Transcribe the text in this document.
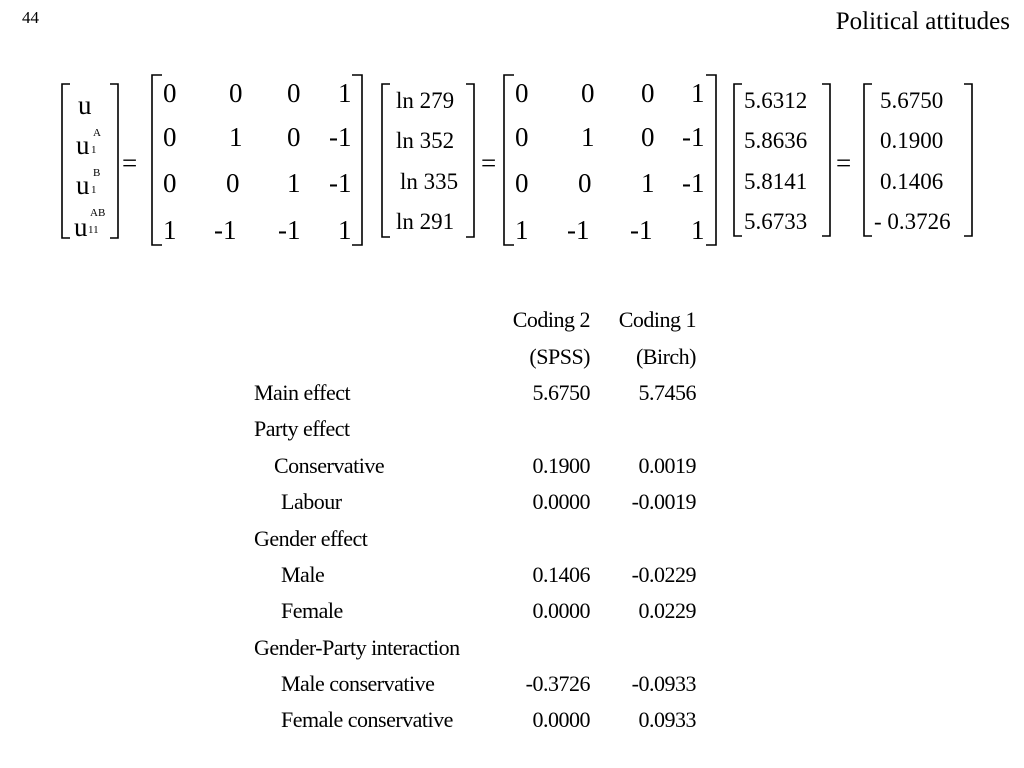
44	Political attitudes
u
u A
1
u B
1
u AB
11
=
0 0 0 1
0 1 0 -1
0 0 1 -1
1 -1 -1 1
ln 279
ln 352
ln 335
ln 291
=
0 0 0 1
0 1 0 -1
0 0 1 -1
1 -1 -1 1
5.6312
5.8636
5.8141
5.6733
=
5.6750
0.1900
0.1406
- 0.3726
	Coding 2	Coding 1
	(SPSS)	(Birch)
Main effect	5.6750	5.7456
Party effect		
Conservative	0.1900	0.0019
Labour	0.0000	-0.0019
Gender effect		
Male	0.1406	-0.0229
Female	0.0000	0.0229
Gender-Party interaction		
Male conservative	-0.3726	-0.0933
Female conservative	0.0000	0.0933
